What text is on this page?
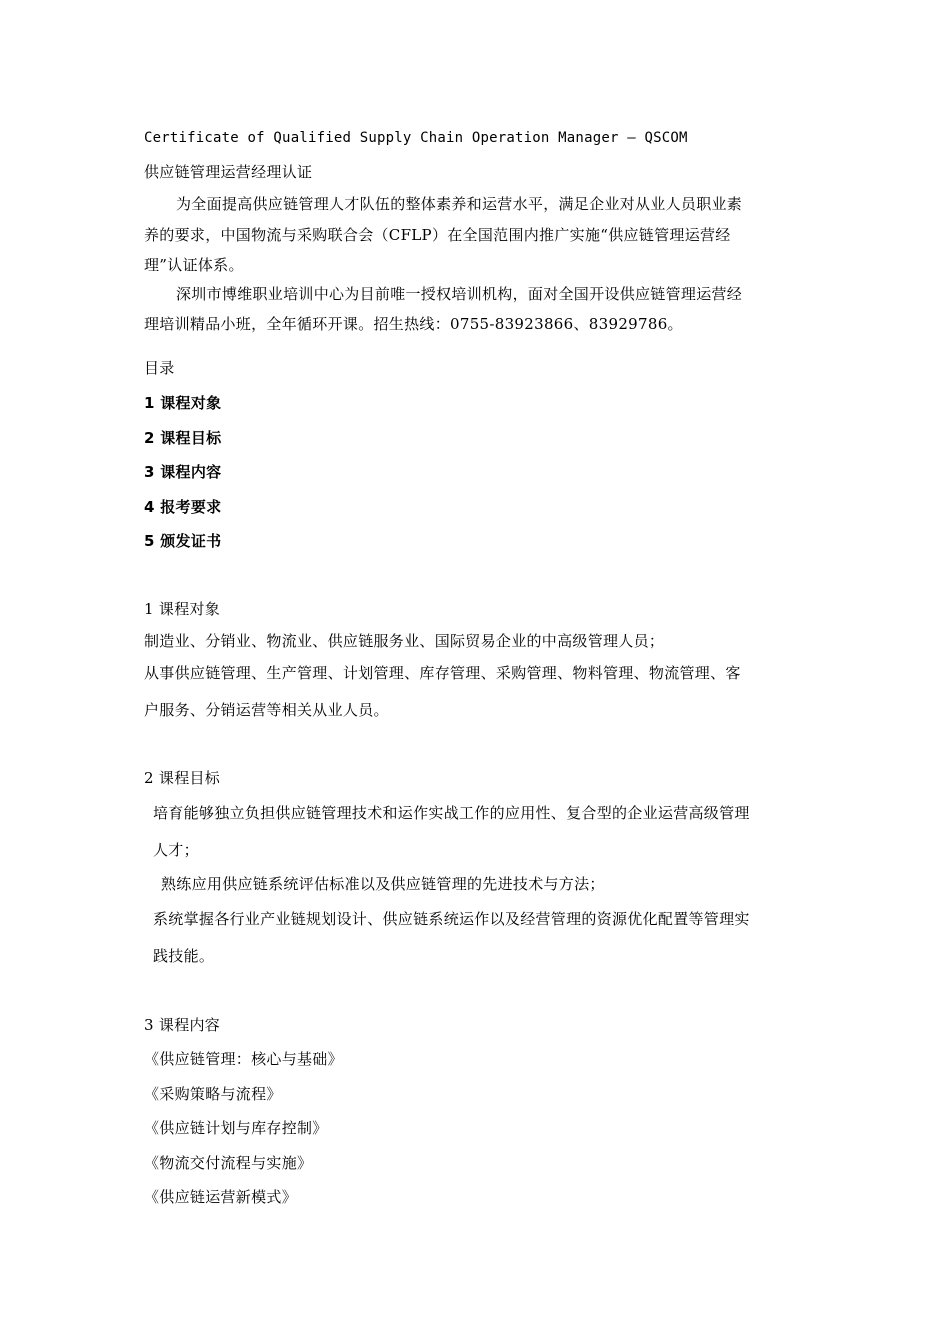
Certificate of Qualified Supply Chain Operation Manager – QSCOM
供应链管理运营经理认证
为全面提高供应链管理人才队伍的整体素养和运营水平，满足企业对从业人员职业素
养的要求，中国物流与采购联合会（CFLP）在全国范围内推广实施“供应链管理运营经
理”认证体系。
深圳市博维职业培训中心为目前唯一授权培训机构，面对全国开设供应链管理运营经
理培训精品小班，全年循环开课。招生热线：0755-83923866、83929786。
目录
1 课程对象
2 课程目标
3 课程内容
4 报考要求
5 颁发证书
1 课程对象
制造业、分销业、物流业、供应链服务业、国际贸易企业的中高级管理人员；
从事供应链管理、生产管理、计划管理、库存管理、采购管理、物料管理、物流管理、客
户服务、分销运营等相关从业人员。
2 课程目标
培育能够独立负担供应链管理技术和运作实战工作的应用性、复合型的企业运营高级管理
人才；
熟练应用供应链系统评估标准以及供应链管理的先进技术与方法；
系统掌握各行业产业链规划设计、供应链系统运作以及经营管理的资源优化配置等管理实
践技能。
3 课程内容
《供应链管理：核心与基础》
《采购策略与流程》
《供应链计划与库存控制》
《物流交付流程与实施》
《供应链运营新模式》
